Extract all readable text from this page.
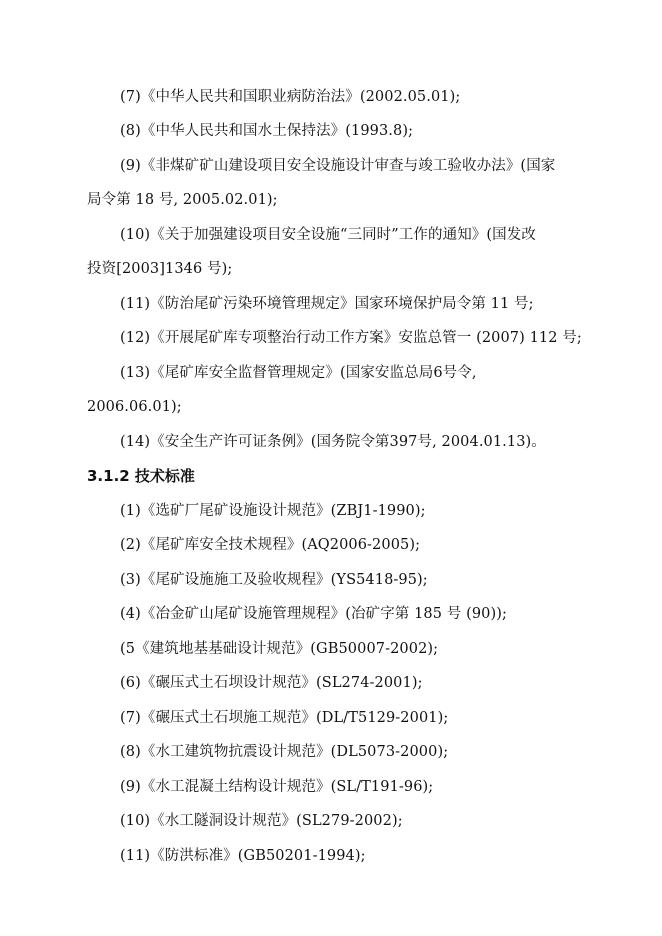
(7)《中华人民共和国职业病防治法》(2002.05.01);
(8)《中华人民共和国水土保持法》(1993.8);
(9)《非煤矿矿山建设项目安全设施设计审查与竣工验收办法》(国家
局令第 18 号, 2005.02.01);
(10)《关于加强建设项目安全设施“三同时”工作的通知》(国发改
投资[2003]1346 号);
(11)《防治尾矿污染环境管理规定》国家环境保护局令第 11 号;
(12)《开展尾矿库专项整治行动工作方案》安监总管一 (2007) 112 号;
(13)《尾矿库安全监督管理规定》(国家安监总局6号令,
2006.06.01);
(14)《安全生产许可证条例》(国务院令第397号, 2004.01.13)。
3.1.2 技术标准
(1)《选矿厂尾矿设施设计规范》(ZBJ1-1990);
(2)《尾矿库安全技术规程》(AQ2006-2005);
(3)《尾矿设施施工及验收规程》(YS5418-95);
(4)《冶金矿山尾矿设施管理规程》(冶矿字第 185 号 (90));
(5《建筑地基基础设计规范》(GB50007-2002);
(6)《碾压式土石坝设计规范》(SL274-2001);
(7)《碾压式土石坝施工规范》(DL/T5129-2001);
(8)《水工建筑物抗震设计规范》(DL5073-2000);
(9)《水工混凝土结构设计规范》(SL/T191-96);
(10)《水工隧洞设计规范》(SL279-2002);
(11)《防洪标准》(GB50201-1994);
